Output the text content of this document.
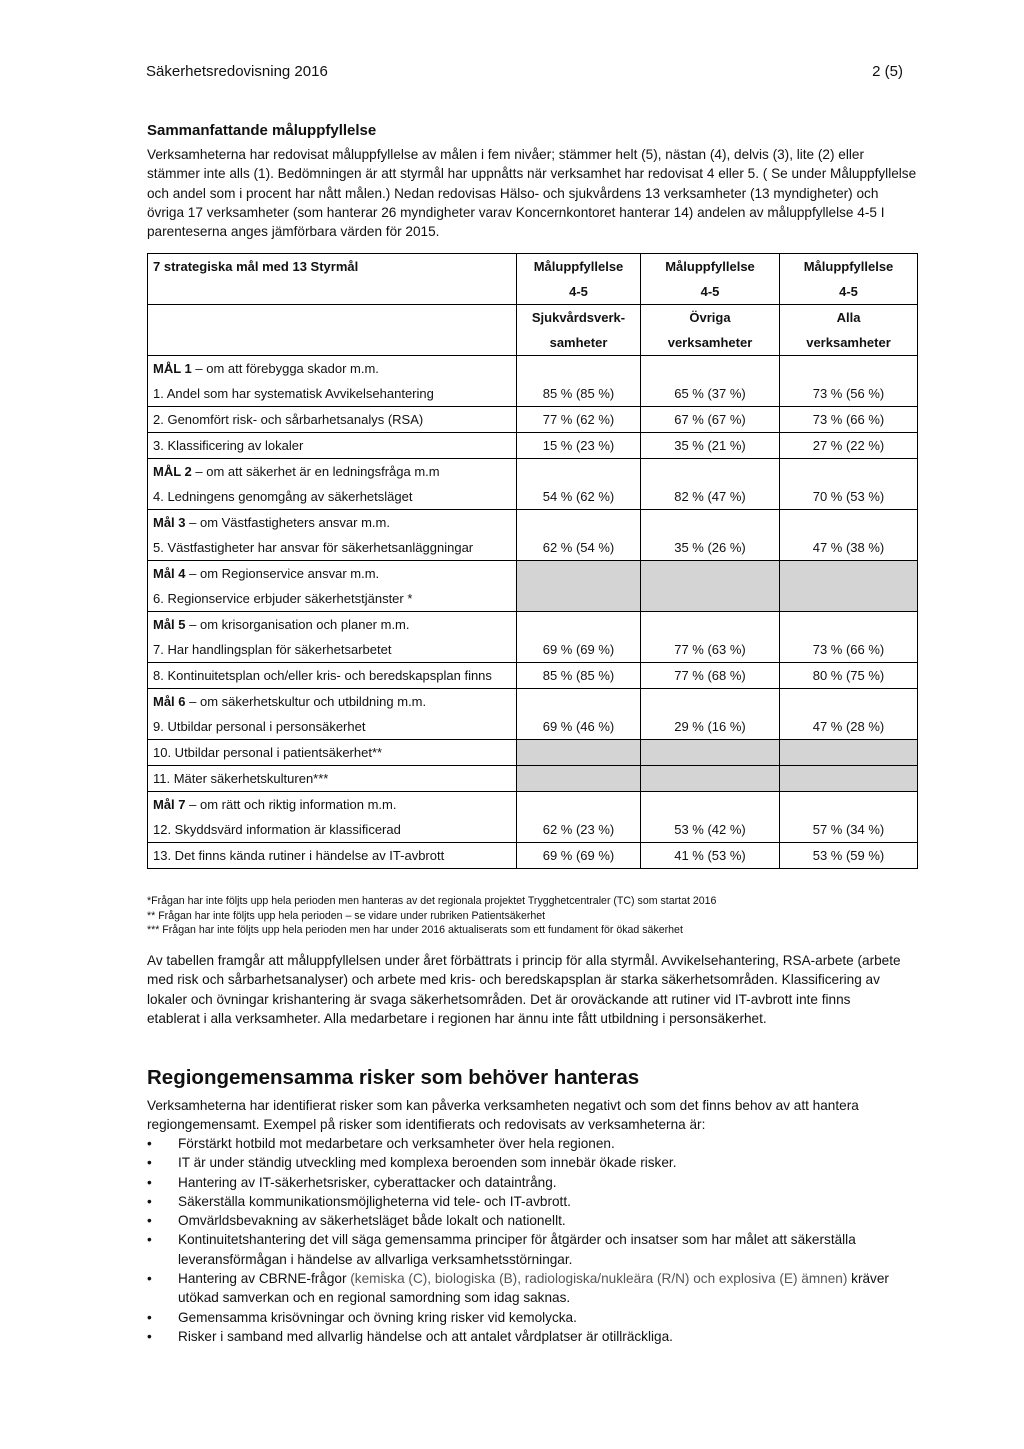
Säkerhetsredovisning 2016	2 (5)
Sammanfattande måluppfyllelse

Verksamheterna har redovisat måluppfyllelse av målen i fem nivåer; stämmer helt (5), nästan (4), delvis (3), lite (2) eller stämmer inte alls (1). Bedömningen är att styrmål har uppnåtts när verksamhet har redovisat 4 eller 5. ( Se under Måluppfyllelse och andel som i procent har nått målen.) Nedan redovisas Hälso- och sjukvårdens 13 verksamheter (13 myndigheter) och övriga 17 verksamheter (som hanterar 26 myndigheter varav Koncernkontoret hanterar 14) andelen av måluppfyllelse 4-5 I parenteserna anges jämförbara värden för 2015.

7 strategiska mål med 13 Styrmål	Måluppfyllelse	Måluppfyllelse	Måluppfyllelse
	4-5	4-5	4-5
	Sjukvårdsverk-	Övriga	Alla
	samheter	verksamheter	verksamheter
MÅL 1 – om att förebygga skador m.m.			
1. Andel som har systematisk Avvikelsehantering	85 % (85 %)	65 % (37 %)	73 % (56 %)
2. Genomfört risk- och sårbarhetsanalys (RSA)	77 % (62 %)	67 % (67 %)	73 % (66 %)
3. Klassificering av lokaler	15 % (23 %)	35 % (21 %)	27 % (22 %)
MÅL 2 – om att säkerhet är en ledningsfråga m.m			
4. Ledningens genomgång av säkerhetsläget	54 % (62 %)	82 % (47 %)	70 % (53 %)
Mål 3 – om Västfastigheters ansvar m.m.			
5. Västfastigheter har ansvar för säkerhetsanläggningar	62 % (54 %)	35 % (26 %)	47 % (38 %)
Mål 4 – om Regionservice ansvar m.m.			
6. Regionservice erbjuder säkerhetstjänster *			
Mål 5 – om krisorganisation och planer m.m.			
7. Har handlingsplan för säkerhetsarbetet	69 % (69 %)	77 % (63 %)	73 % (66 %)
8. Kontinuitetsplan och/eller kris- och beredskapsplan finns	85 % (85 %)	77 % (68 %)	80 % (75 %)
Mål 6 – om säkerhetskultur och utbildning m.m.			
9. Utbildar personal i personsäkerhet	69 % (46 %)	29 % (16 %)	47 % (28 %)
10. Utbildar personal i patientsäkerhet**			
11. Mäter säkerhetskulturen***			
Mål 7 – om rätt och riktig information m.m.			
12. Skyddsvärd information är klassificerad	62 % (23 %)	53 % (42 %)	57 % (34 %)
13. Det finns kända rutiner i händelse av IT-avbrott	69 % (69 %)	41 % (53 %)	53 % (59 %)
*Frågan har inte följts upp hela perioden men hanteras av det regionala projektet Trygghetcentraler (TC) som startat 2016
** Frågan har inte följts upp hela perioden – se vidare under rubriken Patientsäkerhet
*** Frågan har inte följts upp hela perioden men har under 2016 aktualiserats som ett fundament för ökad säkerhet

Av tabellen framgår att måluppfyllelsen under året förbättrats i princip för alla styrmål. Avvikelsehantering, RSA-arbete (arbete med risk och sårbarhetsanalyser) och arbete med kris- och beredskapsplan är starka säkerhetsområden. Klassificering av lokaler och övningar krishantering är svaga säkerhetsområden. Det är oroväckande att rutiner vid IT-avbrott inte finns etablerat i alla verksamheter. Alla medarbetare i regionen har ännu inte fått utbildning i personsäkerhet.

Regiongemensamma risker som behöver hanteras

Verksamheterna har identifierat risker som kan påverka verksamheten negativt och som det finns behov av att hantera regiongemensamt. Exempel på risker som identifierats och redovisats av verksamheterna är:

•	Förstärkt hotbild mot medarbetare och verksamheter över hela regionen.
•	IT är under ständig utveckling med komplexa beroenden som innebär ökade risker.
•	Hantering av IT-säkerhetsrisker, cyberattacker och dataintrång.
•	Säkerställa kommunikationsmöjligheterna vid tele- och IT-avbrott.
•	Omvärldsbevakning av säkerhetsläget både lokalt och nationellt.
•	Kontinuitetshantering det vill säga gemensamma principer för åtgärder och insatser som har målet att säkerställa leveransförmågan i händelse av allvarliga verksamhetsstörningar.
•	Hantering av CBRNE-frågor (kemiska (C), biologiska (B), radiologiska/nukleära (R/N) och explosiva (E) ämnen) kräver utökad samverkan och en regional samordning som idag saknas.
•	Gemensamma krisövningar och övning kring risker vid kemolycka.
•	Risker i samband med allvarlig händelse och att antalet vårdplatser är otillräckliga.
